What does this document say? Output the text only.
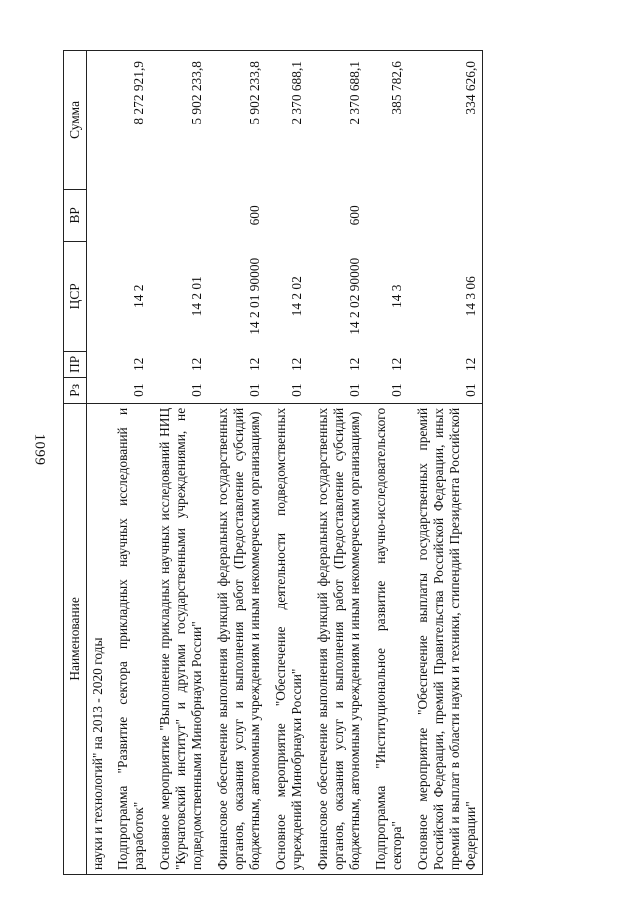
1099
Наименование	Рз	ПР	ЦСР	ВР	Сумма
науки и технологий" на 2013 - 2020 годы					
Подпрограмма "Развитие сектора прикладных научных исследований и разработок"	01	12	14 2		8 272 921,9
Основное мероприятие "Выполнение прикладных научных исследований НИЦ "Курчатовский институт" и другими государственными учреждениями, не подведомственными Минобрнауки России"	01	12	14 2 01		5 902 233,8
Финансовое обеспечение выполнения функций федеральных государственных органов, оказания услуг и выполнения работ (Предоставление субсидий бюджетным, автономным учреждениям и иным некоммерческим организациям)	01	12	14 2 01 90000	600	5 902 233,8
Основное мероприятие "Обеспечение деятельности подведомственных учреждений Минобрнауки России"	01	12	14 2 02		2 370 688,1
Финансовое обеспечение выполнения функций федеральных государственных органов, оказания услуг и выполнения работ (Предоставление субсидий бюджетным, автономным учреждениям и иным некоммерческим организациям)	01	12	14 2 02 90000	600	2 370 688,1
Подпрограмма "Институциональное развитие научно-исследовательского сектора"	01	12	14 3		385 782,6
Основное мероприятие "Обеспечение выплаты государственных премий Российской Федерации, премий Правительства Российской Федерации, иных премий и выплат в области науки и техники, стипендий Президента Российской Федерации"	01	12	14 3 06		334 626,0
